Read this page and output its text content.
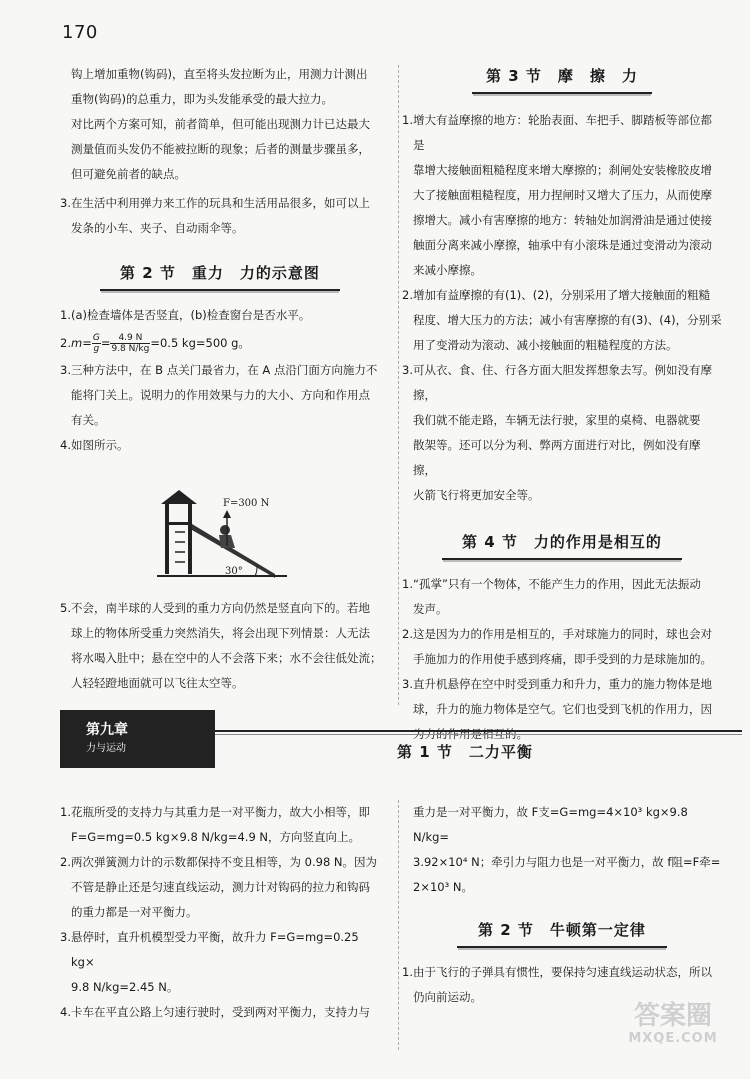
170

钩上增加重物(钩码)，直至将头发拉断为止，用测力计测出

重物(钩码)的总重力，即为头发能承受的最大拉力。

对比两个方案可知，前者简单，但可能出现测力计已达最大

测量值而头发仍不能被拉断的现象；后者的测量步骤虽多，

但可避免前者的缺点。

3. 在生活中利用弹力来工作的玩具和生活用品很多，如可以上

发条的小车、夹子、自动雨伞等。

第 2 节　重力　力的示意图
1. (a)检查墙体是否竖直，(b)检查窗台是否水平。

2. $m= \frac{G}{g} = \frac{4.9 N}{9.8 N/kg} =0.5$ kg=500 g。
3. 三种方法中，在 B 点关门最省力，在 A 点沿门面方向施力不

能将门关上。说明力的作用效果与力的大小、方向和作用点

有关。

4. 如图所示。

F=300 N
30°
5. 不会，南半球的人受到的重力方向仍然是竖直向下的。若地

球上的物体所受重力突然消失，将会出现下列情景：人无法

将水喝入肚中；悬在空中的人不会落下来；水不会往低处流；

人轻轻蹬地面就可以飞往太空等。

第 3 节　摩　擦　力
1. 增大有益摩擦的地方：轮胎表面、车把手、脚踏板等部位都是

靠增大接触面粗糙程度来增大摩擦的；刹闸处安装橡胶皮增

大了接触面粗糙程度，用力捏闸时又增大了压力，从而使摩

擦增大。减小有害摩擦的地方：转轴处加润滑油是通过使接

触面分离来减小摩擦，轴承中有小滚珠是通过变滑动为滚动

来减小摩擦。

2. 增加有益摩擦的有(1)、(2)，分别采用了增大接触面的粗糙

程度、增大压力的方法；减小有害摩擦的有(3)、(4)，分别采

用了变滑动为滚动、减小接触面的粗糙程度的方法。

3. 可从衣、食、住、行各方面大胆发挥想象去写。例如没有摩擦，

我们就不能走路，车辆无法行驶，家里的桌椅、电器就要

散架等。还可以分为利、弊两方面进行对比，例如没有摩擦，

火箭飞行将更加安全等。

第 4 节　力的作用是相互的
1. “孤掌”只有一个物体，不能产生力的作用，因此无法振动

发声。

2. 这是因为力的作用是相互的，手对球施力的同时，球也会对

手施加力的作用使手感到疼痛，即手受到的力是球施加的。

3. 直升机悬停在空中时受到重力和升力，重力的施力物体是地

球，升力的施力物体是空气。它们也受到飞机的作用力，因

为力的作用是相互的。

第九章
力与运动	第 1 节　二力平衡
1. 花瓶所受的支持力与其重力是一对平衡力，故大小相等，即

F=G=mg=0.5 kg×9.8 N/kg=4.9 N，方向竖直向上。

2. 两次弹簧测力计的示数都保持不变且相等，为 0.98 N。因为

不管是静止还是匀速直线运动，测力计对钩码的拉力和钩码

的重力都是一对平衡力。

3. 悬停时，直升机模型受力平衡，故升力 F=G=mg=0.25 kg×

9.8 N/kg=2.45 N。

4. 卡车在平直公路上匀速行驶时，受到两对平衡力，支持力与

重力是一对平衡力，故 F支=G=mg=4×10³ kg×9.8 N/kg=

3.92×10⁴ N；牵引力与阻力也是一对平衡力，故 f阻=F牵=

2×10³ N。

第 2 节　牛顿第一定律
1. 由于飞行的子弹具有惯性，要保持匀速直线运动状态，所以

仍向前运动。

答案圈
MXQE.COM
